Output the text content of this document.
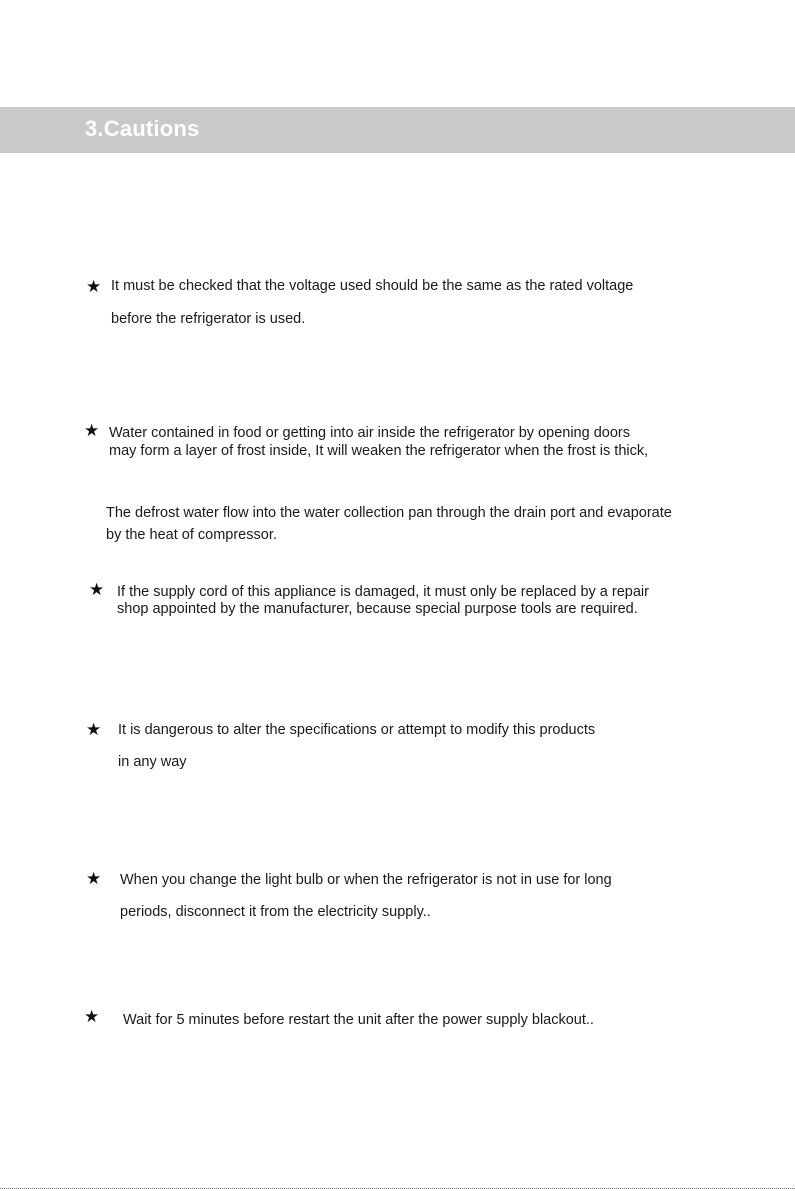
3.Cautions
★ It must be checked that the voltage used should be the same as the rated voltage
before the refrigerator is used.
★ Water contained in food or getting into air inside the refrigerator by opening doors
may form a layer of frost inside, It will weaken the refrigerator when the frost is thick,
The defrost water flow into the water collection pan through the drain port and evaporate
by the heat of compressor.
★ If the supply cord of this appliance is damaged, it must only be replaced by a repair
shop appointed by the manufacturer, because special purpose tools are required.
★ It is dangerous to alter the specifications or attempt to modify this products
in any way
★ When you change the light bulb or when the refrigerator is not in use for long
periods, disconnect it from the electricity supply..
★ Wait for 5 minutes before restart the unit after the power supply blackout..
